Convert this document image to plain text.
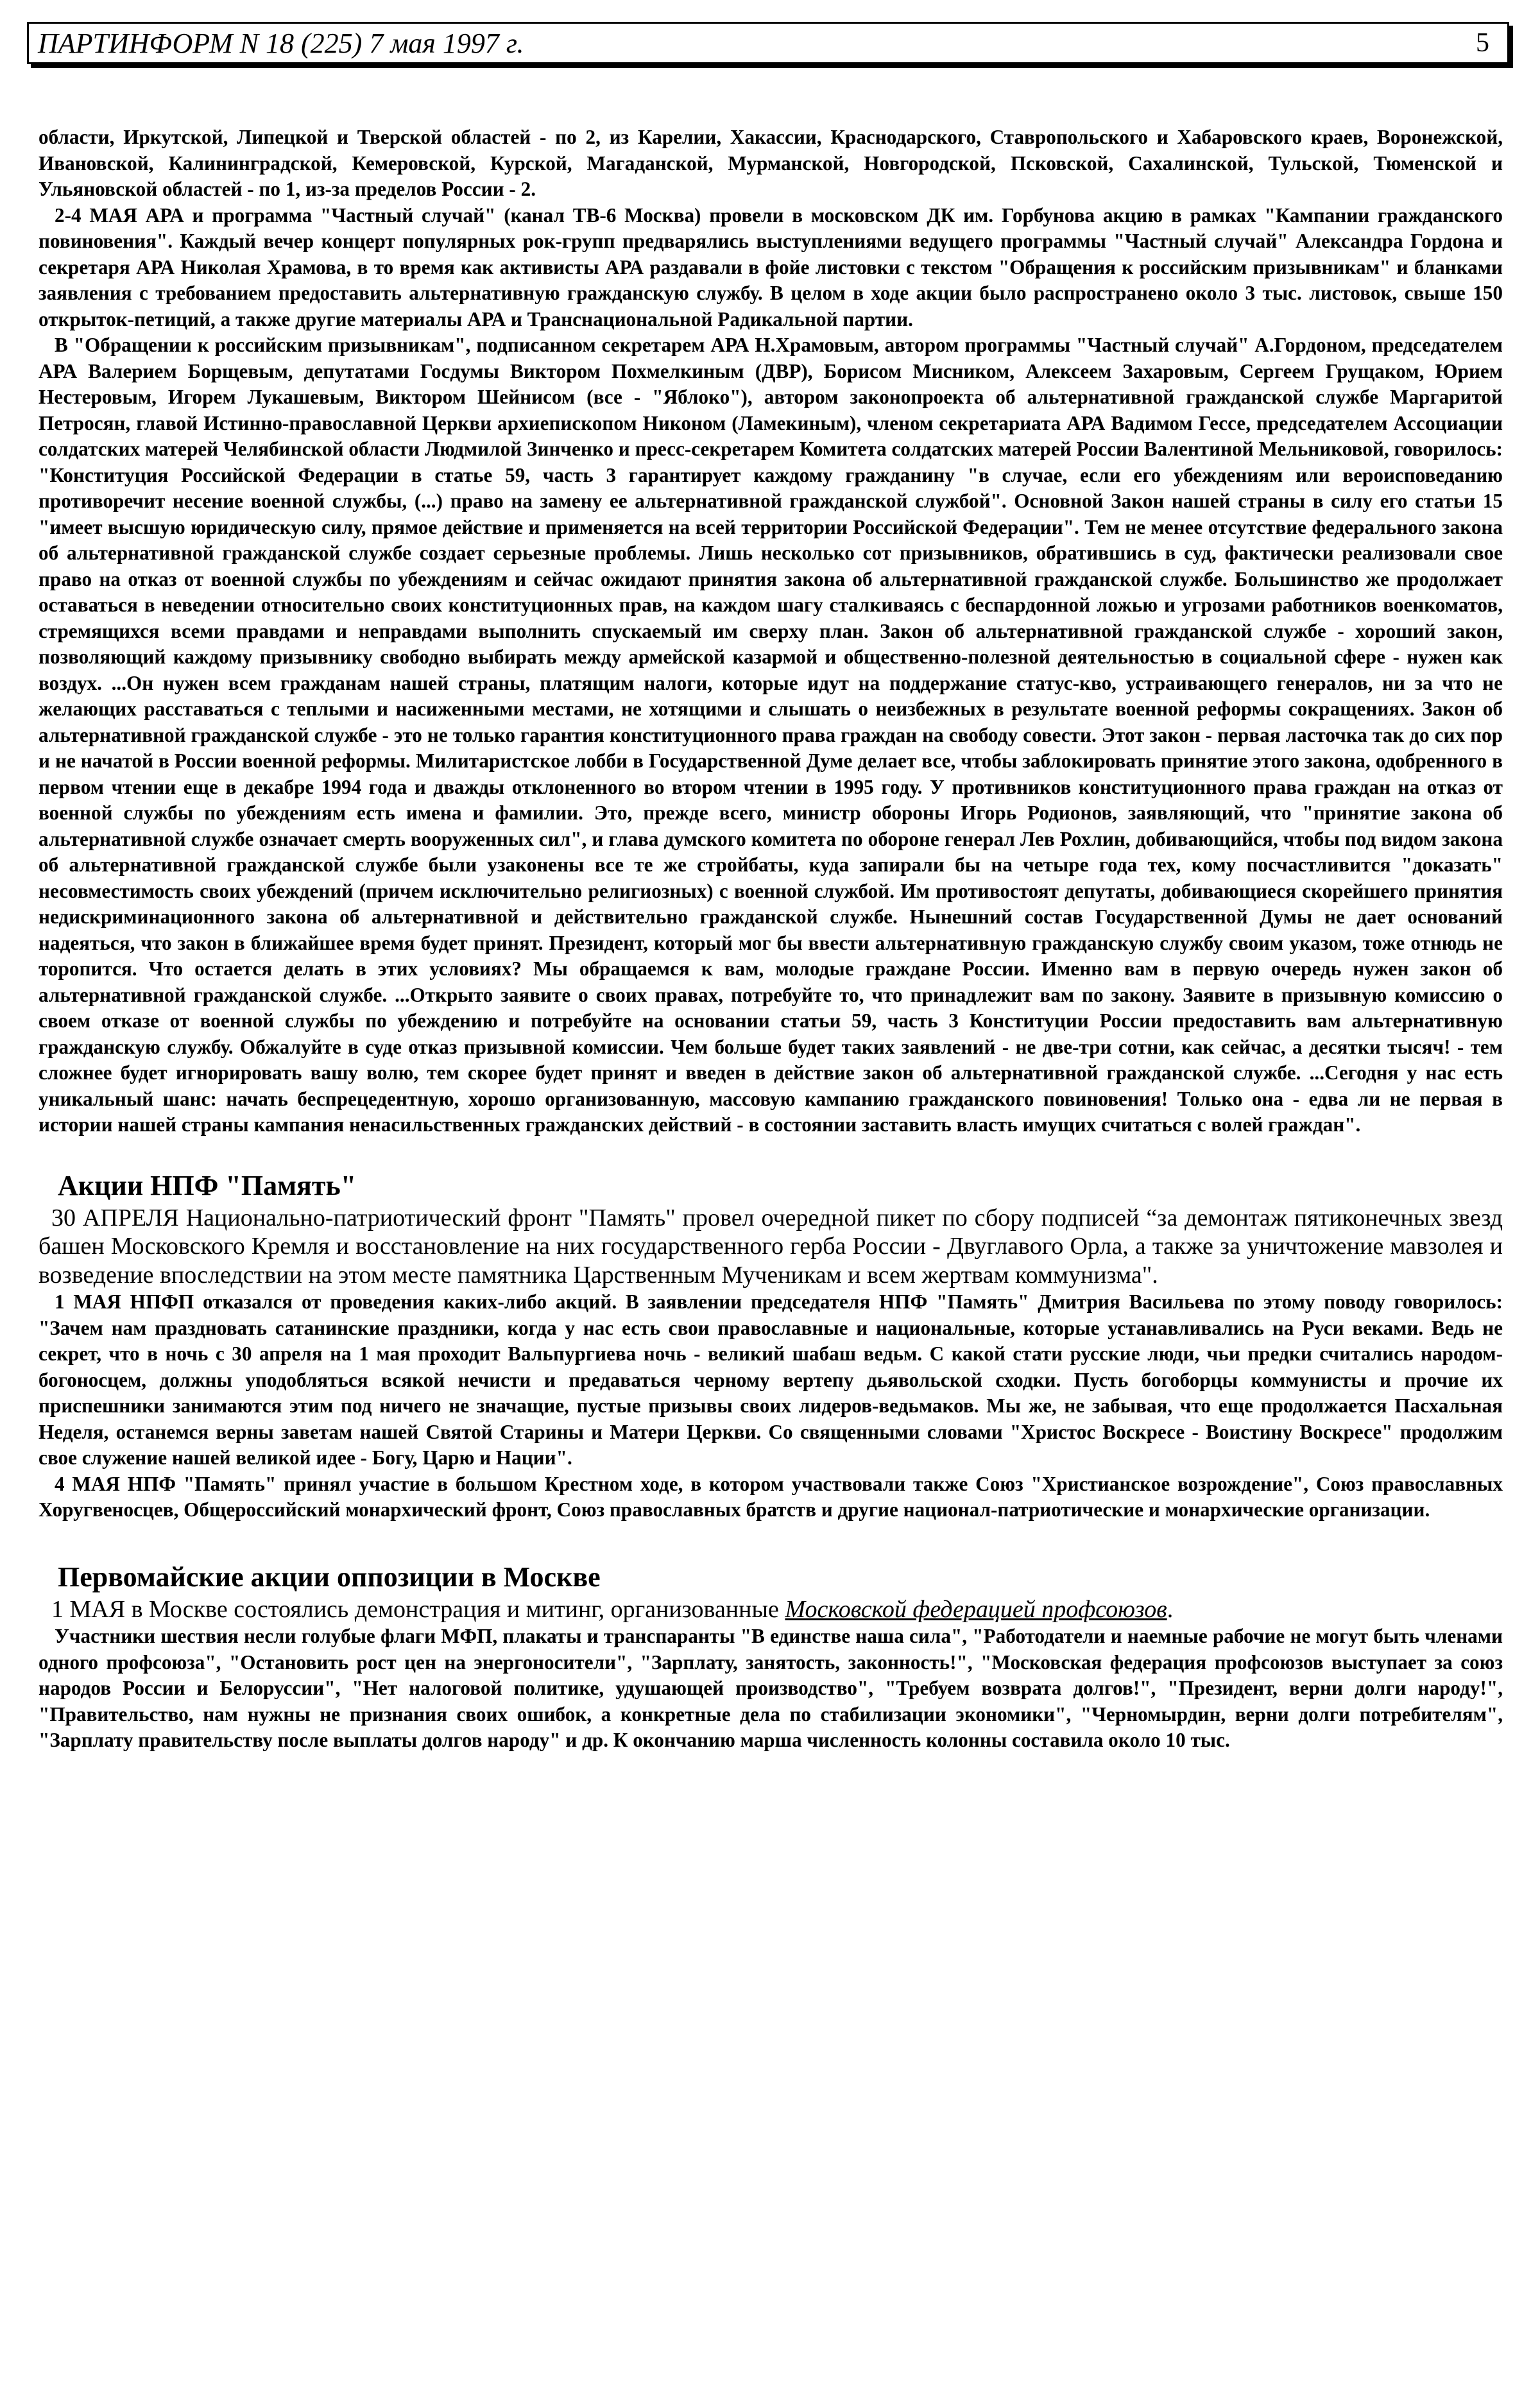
ПАРТИНФОРМ N 18 (225) 7 мая 1997 г.	5

области, Иркутской, Липецкой и Тверской областей - по 2, из Карелии, Хакассии, Краснодарского, Ставропольского и Хабаровского краев, Воронежской, Ивановской, Калининградской, Кемеровской, Курской, Магаданской, Мурманской, Новгородской, Псковской, Сахалинской, Тульской, Тюменской и Ульяновской областей - по 1, из-за пределов России - 2.

2-4 МАЯ АРА и программа "Частный случай" (канал ТВ-6 Москва) провели в московском ДК им. Горбунова акцию в рамках "Кампании гражданского повиновения". Каждый вечер концерт популярных рок-групп предварялись выступлениями ведущего программы "Частный случай" Александра Гордона и секретаря АРА Николая Храмова, в то время как активисты АРА раздавали в фойе листовки с текстом "Обращения к российским призывникам" и бланками заявления с требованием предоставить альтернативную гражданскую службу. В целом в ходе акции было распространено около 3 тыс. листовок, свыше 150 открыток-петиций, а также другие материалы АРА и Транснациональной Радикальной партии.

В "Обращении к российским призывникам", подписанном секретарем АРА Н.Храмовым, автором программы "Частный случай" А.Гордоном, председателем АРА Валерием Борщевым, депутатами Госдумы Виктором Похмелкиным (ДВР), Борисом Мисником, Алексеем Захаровым, Сергеем Грущаком, Юрием Нестеровым, Игорем Лукашевым, Виктором Шейнисом (все - "Яблоко"), автором законопроекта об альтернативной гражданской службе Маргаритой Петросян, главой Истинно-православной Церкви архиепископом Никоном (Ламекиным), членом секретариата АРА Вадимом Гессе, председателем Ассоциации солдатских матерей Челябинской области Людмилой Зинченко и пресс-секретарем Комитета солдатских матерей России Валентиной Мельниковой, говорилось: "Конституция Российской Федерации в статье 59, часть 3 гарантирует каждому гражданину "в случае, если его убеждениям или вероисповеданию противоречит несение военной службы, (...) право на замену ее альтернативной гражданской службой". Основной Закон нашей страны в силу его статьи 15 "имеет высшую юридическую силу, прямое действие и применяется на всей территории Российской Федерации". Тем не менее отсутствие федерального закона об альтернативной гражданской службе создает серьезные проблемы. Лишь несколько сот призывников, обратившись в суд, фактически реализовали свое право на отказ от военной службы по убеждениям и сейчас ожидают принятия закона об альтернативной гражданской службе. Большинство же продолжает оставаться в неведении относительно своих конституционных прав, на каждом шагу сталкиваясь с беспардонной ложью и угрозами работников военкоматов, стремящихся всеми правдами и неправдами выполнить спускаемый им сверху план. Закон об альтернативной гражданской службе - хороший закон, позволяющий каждому призывнику свободно выбирать между армейской казармой и общественно-полезной деятельностью в социальной сфере - нужен как воздух. ...Он нужен всем гражданам нашей страны, платящим налоги, которые идут на поддержание статус-кво, устраивающего генералов, ни за что не желающих расставаться с теплыми и насиженными местами, не хотящими и слышать о неизбежных в результате военной реформы сокращениях. Закон об альтернативной гражданской службе - это не только гарантия конституционного права граждан на свободу совести. Этот закон - первая ласточка так до сих пор и не начатой в России военной реформы. Милитаристское лобби в Государственной Думе делает все, чтобы заблокировать принятие этого закона, одобренного в первом чтении еще в декабре 1994 года и дважды отклоненного во втором чтении в 1995 году. У противников конституционного права граждан на отказ от военной службы по убеждениям есть имена и фамилии. Это, прежде всего, министр обороны Игорь Родионов, заявляющий, что "принятие закона об альтернативной службе означает смерть вооруженных сил", и глава думского комитета по обороне генерал Лев Рохлин, добивающийся, чтобы под видом закона об альтернативной гражданской службе были узаконены все те же стройбаты, куда запирали бы на четыре года тех, кому посчастливится "доказать" несовместимость своих убеждений (причем исключительно религиозных) с военной службой. Им противостоят депутаты, добивающиеся скорейшего принятия недискриминационного закона об альтернативной и действительно гражданской службе. Нынешний состав Государственной Думы не дает оснований надеяться, что закон в ближайшее время будет принят. Президент, который мог бы ввести альтернативную гражданскую службу своим указом, тоже отнюдь не торопится. Что остается делать в этих условиях? Мы обращаемся к вам, молодые граждане России. Именно вам в первую очередь нужен закон об альтернативной гражданской службе. ...Открыто заявите о своих правах, потребуйте то, что принадлежит вам по закону. Заявите в призывную комиссию о своем отказе от военной службы по убеждению и потребуйте на основании статьи 59, часть 3 Конституции России предоставить вам альтернативную гражданскую службу. Обжалуйте в суде отказ призывной комиссии. Чем больше будет таких заявлений - не две-три сотни, как сейчас, а десятки тысяч! - тем сложнее будет игнорировать вашу волю, тем скорее будет принят и введен в действие закон об альтернативной гражданской службе. ...Сегодня у нас есть уникальный шанс: начать беспрецедентную, хорошо организованную, массовую кампанию гражданского повиновения! Только она - едва ли не первая в истории нашей страны кампания ненасильственных гражданских действий - в состоянии заставить власть имущих считаться с волей граждан".

Акции НПФ "Память"

30 АПРЕЛЯ Национально-патриотический фронт "Память" провел очередной пикет по сбору подписей “за демонтаж пятиконечных звезд башен Московского Кремля и восстановление на них государственного герба России - Двуглавого Орла, а также за уничтожение мавзолея и возведение впоследствии на этом месте памятника Царственным Мученикам и всем жертвам коммунизма".

1 МАЯ НПФП отказался от проведения каких-либо акций. В заявлении председателя НПФ "Память" Дмитрия Васильева по этому поводу говорилось: "Зачем нам праздновать сатанинские праздники, когда у нас есть свои православные и национальные, которые устанавливались на Руси веками. Ведь не секрет, что в ночь с 30 апреля на 1 мая проходит Вальпургиева ночь - великий шабаш ведьм. С какой стати русские люди, чьи предки считались народом-богоносцем, должны уподобляться всякой нечисти и предаваться черному вертепу дьявольской сходки. Пусть богоборцы коммунисты и прочие их приспешники занимаются этим под ничего не значащие, пустые призывы своих лидеров-ведьмаков. Мы же, не забывая, что еще продолжается Пасхальная Неделя, останемся верны заветам нашей Святой Старины и Матери Церкви. Со священными словами "Христос Воскресе - Воистину Воскресе" продолжим свое служение нашей великой идее - Богу, Царю и Нации".

4 МАЯ НПФ "Память" принял участие в большом Крестном ходе, в котором участвовали также Союз "Христианское возрождение", Союз православных Хоругвеносцев, Общероссийский монархический фронт, Союз православных братств и другие национал-патриотические и монархические организации.

Первомайские акции оппозиции в Москве

1 МАЯ в Москве состоялись демонстрация и митинг, организованные Московской федерацией профсоюзов.

Участники шествия несли голубые флаги МФП, плакаты и транспаранты "В единстве наша сила", "Работодатели и наемные рабочие не могут быть членами одного профсоюза", "Остановить рост цен на энергоносители", "Зарплату, занятость, законность!", "Московская федерация профсоюзов выступает за союз народов России и Белоруссии", "Нет налоговой политике, удушающей производство", "Требуем возврата долгов!", "Президент, верни долги народу!", "Правительство, нам нужны не признания своих ошибок, а конкретные дела по стабилизации экономики", "Черномырдин, верни долги потребителям", "Зарплату правительству после выплаты долгов народу" и др. К окончанию марша численность колонны составила около 10 тыс.
